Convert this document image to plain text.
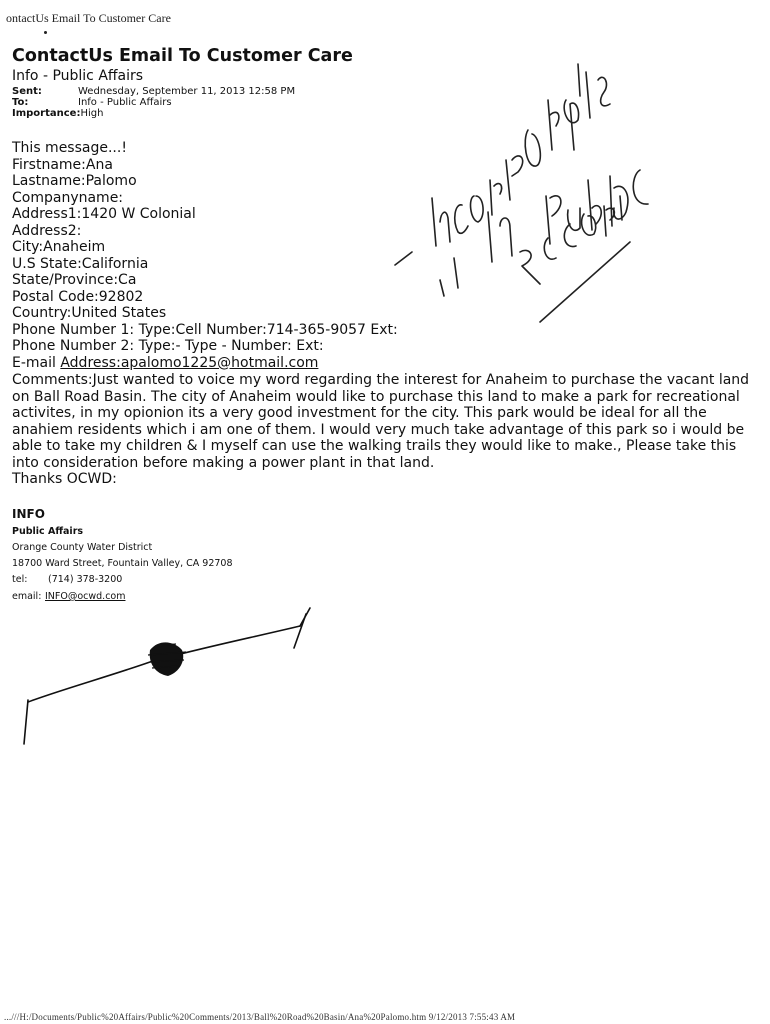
ontactUs Email To Customer Care
ContactUs Email To Customer Care
Info - Public Affairs
Sent:	Wednesday, September 11, 2013 12:58 PM
To:	Info - Public Affairs
Importance:High
This message...!
Firstname:Ana
Lastname:Palomo
Companyname:
Address1:1420 W Colonial
Address2:
City:Anaheim
U.S State:California
State/Province:Ca
Postal Code:92802
Country:United States
Phone Number 1: Type:Cell Number:714-365-9057 Ext:
Phone Number 2: Type:- Type - Number: Ext:
E-mail Address:apalomo1225@hotmail.com
Comments:Just wanted to voice my word regarding the interest for Anaheim to purchase the vacant land on Ball Road Basin. The city of Anaheim would like to purchase this land to make a park for recreational activites, in my opionion its a very good investment for the city. This park would be ideal for all the anahiem residents which i am one of them. I would very much take advantage of this park so i would be able to take my children & I myself can use the walking trails they would like to make., Please take this into consideration before making a power plant in that land.
Thanks OCWD:
INFO
Public Affairs
Orange County Water District
18700 Ward Street, Fountain Valley, CA 92708
tel: (714) 378-3200
email: INFO@ocwd.com
...///H:/Documents/Public%20Affairs/Public%20Comments/2013/Ball%20Road%20Basin/Ana%20Palomo.htm 9/12/2013 7:55:43 AM
